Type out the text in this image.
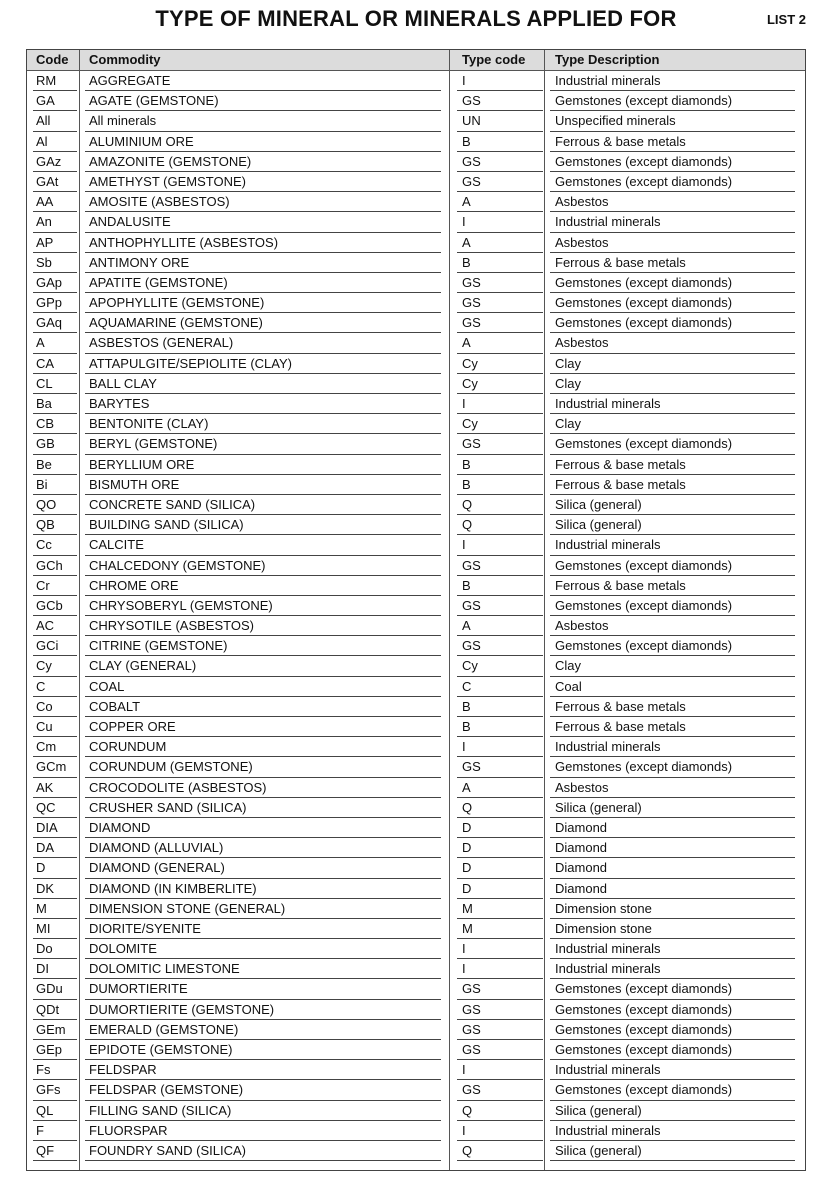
TYPE OF MINERAL OR MINERALS APPLIED FOR	LIST 2
Code Commodity	Type code Type Description
RM	AGGREGATE	I	Industrial minerals
GA	AGATE (GEMSTONE)	GS	Gemstones (except diamonds)
All	All minerals	UN	Unspecified minerals
Al	ALUMINIUM ORE	B	Ferrous & base metals
GAz AMAZONITE (GEMSTONE)	GS	Gemstones (except diamonds)
GAt AMETHYST (GEMSTONE)	GS	Gemstones (except diamonds)
AA	AMOSITE (ASBESTOS)	A	Asbestos
An	ANDALUSITE	I	Industrial minerals
AP	ANTHOPHYLLITE (ASBESTOS)	A	Asbestos
Sb	ANTIMONY ORE	B	Ferrous & base metals
GAp APATITE (GEMSTONE)	GS	Gemstones (except diamonds)
GPp APOPHYLLITE (GEMSTONE)	GS	Gemstones (except diamonds)
GAq AQUAMARINE (GEMSTONE)	GS	Gemstones (except diamonds)
A	ASBESTOS (GENERAL)	A	Asbestos
CA	ATTAPULGITE/SEPIOLITE (CLAY)	Cy	Clay
CL	BALL CLAY	Cy	Clay
Ba	BARYTES	I	Industrial minerals
CB	BENTONITE (CLAY)	Cy	Clay
GB	BERYL (GEMSTONE)	GS	Gemstones (except diamonds)
Be	BERYLLIUM ORE	B	Ferrous & base metals
Bi	BISMUTH ORE	B	Ferrous & base metals
QO	CONCRETE SAND (SILICA)	Q	Silica (general)
QB	BUILDING SAND (SILICA)	Q	Silica (general)
Cc	CALCITE	I	Industrial minerals
GCh CHALCEDONY (GEMSTONE)	GS	Gemstones (except diamonds)
Cr	CHROME ORE	B	Ferrous & base metals
GCb CHRYSOBERYL (GEMSTONE)	GS	Gemstones (except diamonds)
AC	CHRYSOTILE (ASBESTOS)	A	Asbestos
GCi CITRINE (GEMSTONE)	GS	Gemstones (except diamonds)
Cy	CLAY (GENERAL)	Cy	Clay
C	COAL	C	Coal
Co	COBALT	B	Ferrous & base metals
Cu	COPPER ORE	B	Ferrous & base metals
Cm	CORUNDUM	I	Industrial minerals
GCm CORUNDUM (GEMSTONE)	GS	Gemstones (except diamonds)
AK	CROCODOLITE (ASBESTOS)	A	Asbestos
QC	CRUSHER SAND (SILICA)	Q	Silica (general)
DIA DIAMOND	D	Diamond
DA	DIAMOND (ALLUVIAL)	D	Diamond
D	DIAMOND (GENERAL)	D	Diamond
DK	DIAMOND (IN KIMBERLITE)	D	Diamond
M	DIMENSION STONE (GENERAL)	M	Dimension stone
MI	DIORITE/SYENITE	M	Dimension stone
Do	DOLOMITE	I	Industrial minerals
DI	DOLOMITIC LIMESTONE	I	Industrial minerals
GDu DUMORTIERITE	GS	Gemstones (except diamonds)
QDt DUMORTIERITE (GEMSTONE)	GS	Gemstones (except diamonds)
GEm EMERALD (GEMSTONE)	GS	Gemstones (except diamonds)
GEp EPIDOTE (GEMSTONE)	GS	Gemstones (except diamonds)
Fs	FELDSPAR	I	Industrial minerals
GFs FELDSPAR (GEMSTONE)	GS	Gemstones (except diamonds)
QL	FILLING SAND (SILICA)	Q	Silica (general)
F	FLUORSPAR	I	Industrial minerals
QF	FOUNDRY SAND (SILICA)	Q	Silica (general)
